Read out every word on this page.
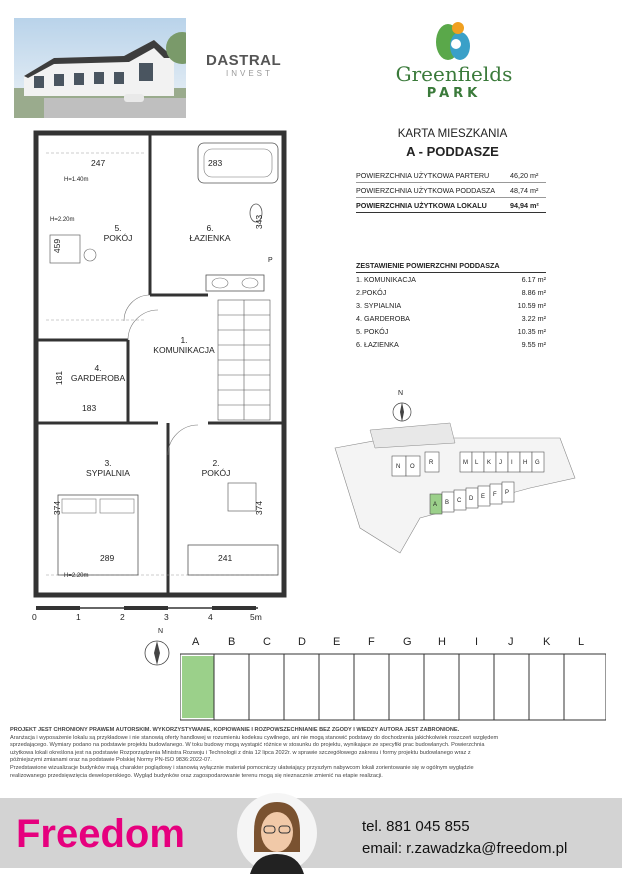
DASTRAL
INVEST	Greenfields
PARK
KARTA MIESZKANIA
A - PODDASZE
POWIERZCHNIA UŻYTKOWA PARTERU	46,20 m²
POWIERZCHNIA UŻYTKOWA PODDASZA 48,74 m²
POWIERZCHNIA UŻYTKOWA LOKALU	94,94 m²
ZESTAWIENIE POWIERZCHNI PODDASZA
1. KOMUNIKACJA	6.17 m²
2.POKÓJ	8.86 m²
3. SYPIALNIA	10.59 m²
4. GARDEROBA	3.22 m²
5. POKÓJ	10.35 m²
6. ŁAZIENKA	9.55 m²
5.
POKÓJ
6.
ŁAZIENKA
1.
KOMUNIKACJA
4.
GARDEROBA
3.
SYPIALNIA
2.
POKÓJ
247	283
343
459
181
183
374	374
289	241
H=1.40m
H=2.20m
H=2.20m
P
0	1	2	3	4	5m
N
N
N O
R	M L K J I H G
A B C D E F P
A	B	C D E	F	G H	I	J	K	L
PROJEKT JEST CHRONIONY PRAWEM AUTORSKIM. WYKORZYSTYWANIE, KOPIOWANIE I ROZPOWSZECHNIANIE BEZ ZGODY I WIEDZY AUTORA JEST ZABRONIONE.
Aranżacja i wyposażenie lokalu są przykładowe i nie stanowią oferty handlowej w rozumieniu kodeksu cywilnego, ani nie mogą stanowić podstawy do dochodzenia jakichkolwiek roszczeń względem
sprzedającego. Wymiary podano na podstawie projektu budowlanego. W toku budowy mogą wystąpić różnice w stosunku do projektu, wynikające ze specyfiki prac budowlanych. Powierzchnia
użytkowa lokali określona jest na podstawie Rozporządzenia Ministra Rozwoju i Technologii z dnia 12 lipca 2022r. w sprawie szczegółowego zakresu i formy projektu budowlanego wraz z
późniejszymi zmianami oraz na podstawie Polskiej Normy PN-ISO 9836:2022-07.
Przedstawione wizualizacje budynków mają charakter poglądowy i stanowią wyłącznie materiał pomocniczy ułatwiający przyszłym nabywcom lokali zorientowanie się w ogólnym wyglądzie
realizowanego przedsięwzięcia deweloperskiego. Wygląd budynków oraz zagospodarowanie terenu mogą się nieznacznie zmienić na etapie realizacji.
Freedom	tel. 881 045 855
email: r.zawadzka@freedom.pl
